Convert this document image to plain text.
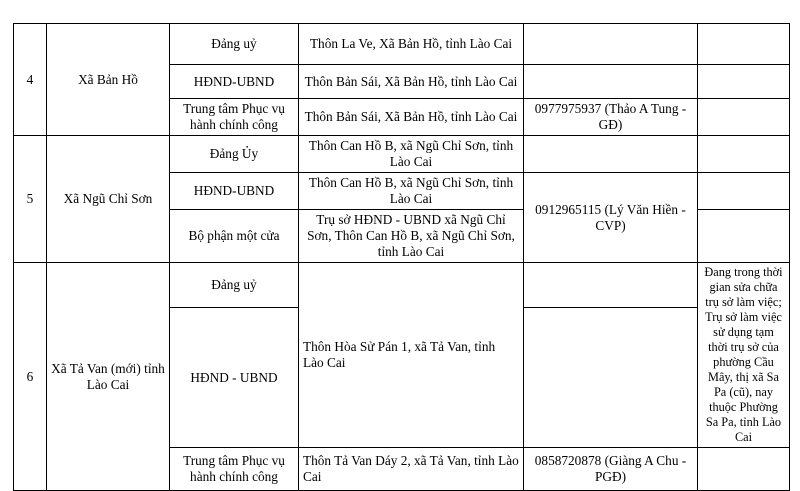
4	Xã Bản Hồ	Đảng uỷ	Thôn La Ve, Xã Bản Hồ, tỉnh Lào Cai		
		HĐND-UBND	Thôn Bản Sái, Xã Bản Hồ, tỉnh Lào Cai		
		Trung tâm Phục vụ hành chính công	Thôn Bản Sái, Xã Bản Hồ, tỉnh Lào Cai	0977975937 (Thảo A Tung - GĐ)	
5	Xã Ngũ Chỉ Sơn	Đảng Ủy	Thôn Can Hồ B, xã Ngũ Chỉ Sơn, tỉnh Lào Cai		
		HĐND-UBND	Thôn Can Hồ B, xã Ngũ Chỉ Sơn, tỉnh Lào Cai	0912965115 (Lý Văn Hiền - CVP)	
		Bộ phận một cửa	Trụ sở HĐND - UBND xã Ngũ Chỉ Sơn, Thôn Can Hồ B, xã Ngũ Chỉ Sơn, tỉnh Lào Cai		
6	Xã Tả Van (mới) tỉnh Lào Cai	Đảng uỷ	Thôn Hòa Sử Pán 1, xã Tả Van, tỉnh Lào Cai		Đang trong thời gian sửa chữa trụ sở làm việc; Trụ sở làm việc sử dụng tạm thời trụ sở của phường Cầu Mây, thị xã Sa Pa (cũ), nay thuộc Phường Sa Pa, tỉnh Lào Cai
		HĐND - UBND			
		Trung tâm Phục vụ hành chính công	Thôn Tả Van Dáy 2, xã Tả Van, tỉnh Lào Cai	0858720878 (Giàng A Chu - PGĐ)	
